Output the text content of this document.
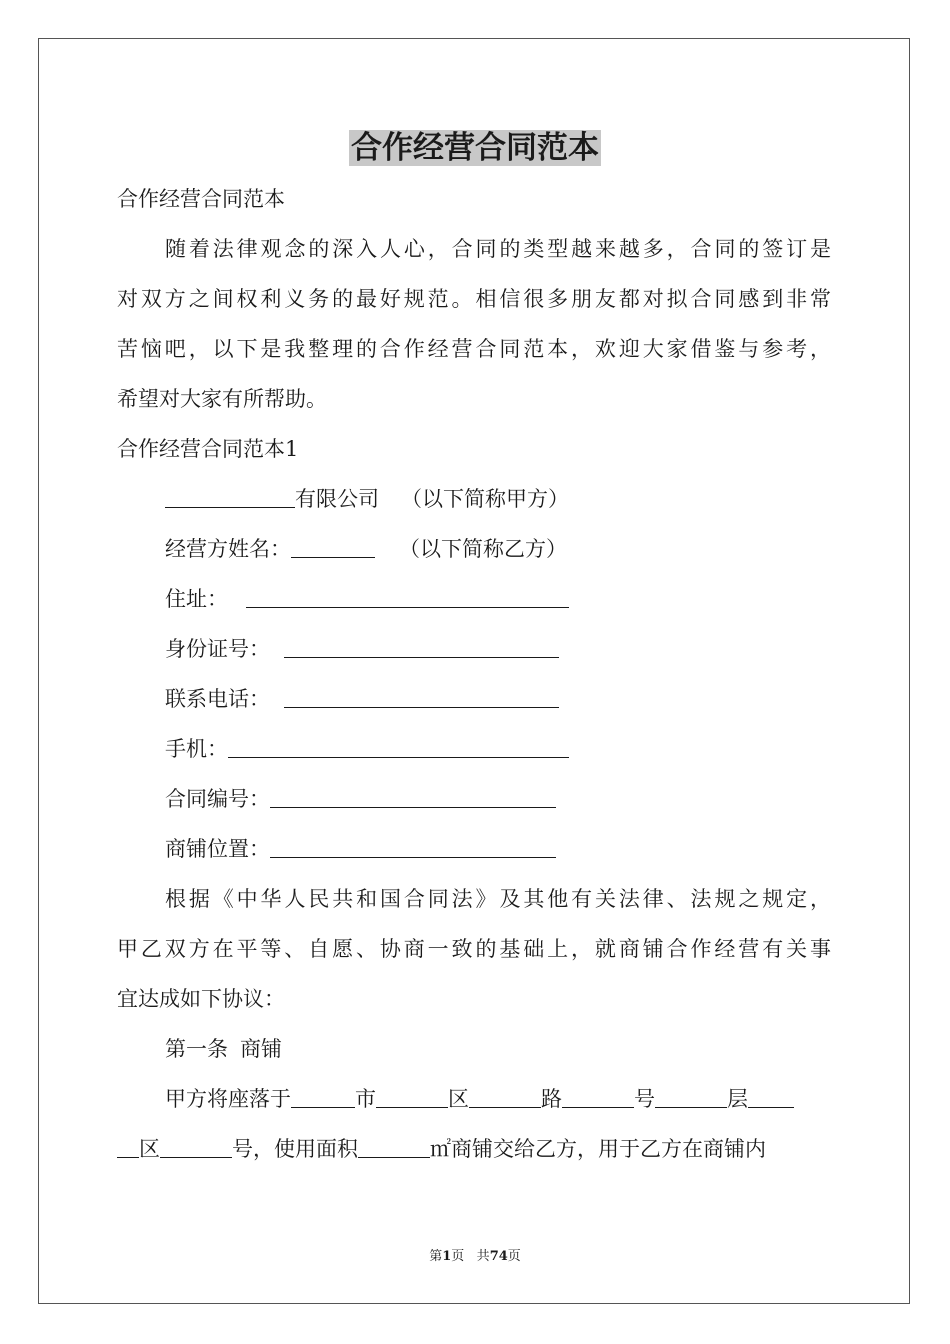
合作经营合同范本
合作经营合同范本
随着法律观念的深入人心，合同的类型越来越多，合同的签订是
对双方之间权利义务的最好规范。相信很多朋友都对拟合同感到非常
苦恼吧，以下是我整理的合作经营合同范本，欢迎大家借鉴与参考，
希望对大家有所帮助。
合作经营合同范本1
有限公司 （以下简称甲方）
经营方姓名：	（以下简称乙方）
住址：
身份证号：
联系电话：
手机：
合同编号：
商铺位置：
根据《中华人民共和国合同法》及其他有关法律、法规之规定，
甲乙双方在平等、自愿、协商一致的基础上，就商铺合作经营有关事
宜达成如下协议：
第一条 商铺
甲方将座落于	市	区	路	号	层
区	号，使用面积	㎡商铺交给乙方，用于乙方在商铺内
第1页 共74页
